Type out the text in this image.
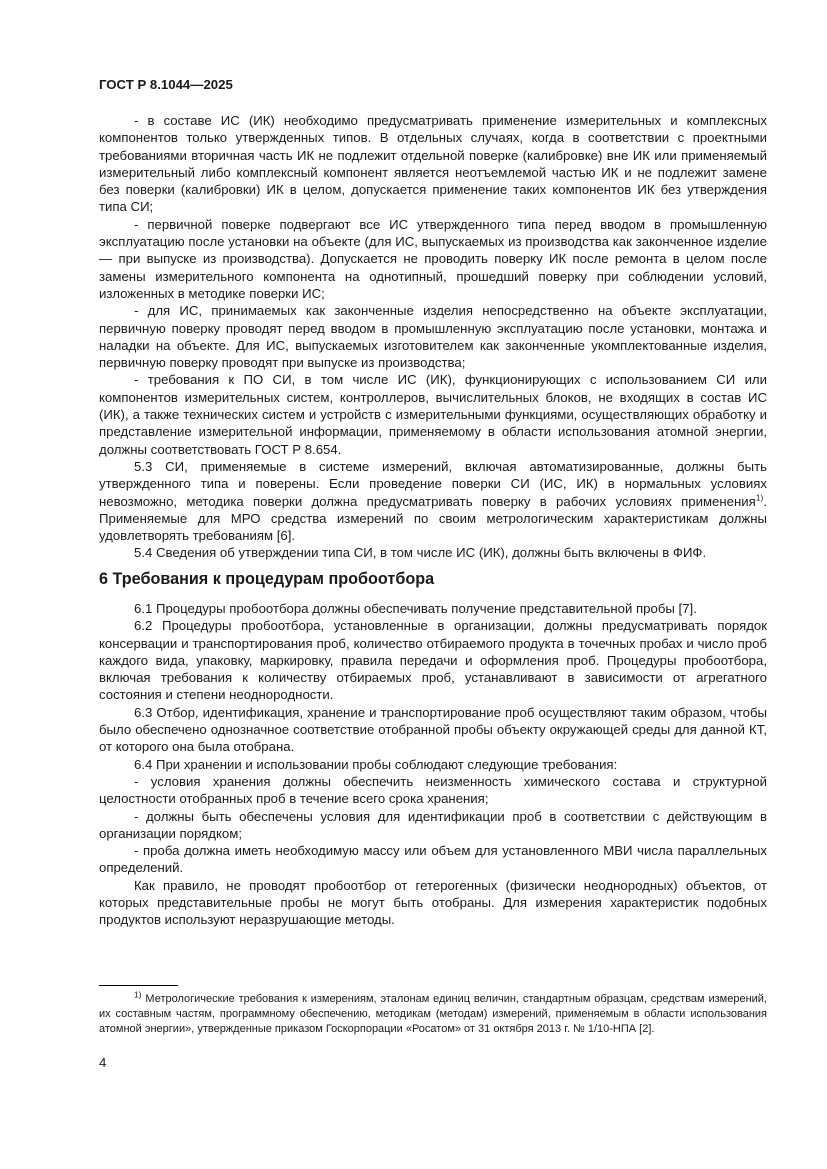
ГОСТ Р 8.1044—2025

- в составе ИС (ИК) необходимо предусматривать применение измерительных и комплексных компонентов только утвержденных типов. В отдельных случаях, когда в соответствии с проектными требованиями вторичная часть ИК не подлежит отдельной поверке (калибровке) вне ИК или применяемый измерительный либо комплексный компонент является неотъемлемой частью ИК и не подлежит замене без поверки (калибровки) ИК в целом, допускается применение таких компонентов ИК без утверждения типа СИ;

- первичной поверке подвергают все ИС утвержденного типа перед вводом в промышленную эксплуатацию после установки на объекте (для ИС, выпускаемых из производства как законченное изделие — при выпуске из производства). Допускается не проводить поверку ИК после ремонта в целом после замены измерительного компонента на однотипный, прошедший поверку при соблюдении условий, изложенных в методике поверки ИС;

- для ИС, принимаемых как законченные изделия непосредственно на объекте эксплуатации, первичную поверку проводят перед вводом в промышленную эксплуатацию после установки, монтажа и наладки на объекте. Для ИС, выпускаемых изготовителем как законченные укомплектованные изделия, первичную поверку проводят при выпуске из производства;

- требования к ПО СИ, в том числе ИС (ИК), функционирующих с использованием СИ или компонентов измерительных систем, контроллеров, вычислительных блоков, не входящих в состав ИС (ИК), а также технических систем и устройств с измерительными функциями, осуществляющих обработку и представление измерительной информации, применяемому в области использования атомной энергии, должны соответствовать ГОСТ Р 8.654.

5.3 СИ, применяемые в системе измерений, включая автоматизированные, должны быть утвержденного типа и поверены. Если проведение поверки СИ (ИС, ИК) в нормальных условиях невозможно, методика поверки должна предусматривать поверку в рабочих условиях применения$^{1)}$. Применяемые для МРО средства измерений по своим метрологическим характеристикам должны удовлетворять требованиям [6].

5.4 Сведения об утверждении типа СИ, в том числе ИС (ИК), должны быть включены в ФИФ.

6 Требования к процедурам пробоотбора

6.1 Процедуры пробоотбора должны обеспечивать получение представительной пробы [7].

6.2 Процедуры пробоотбора, установленные в организации, должны предусматривать порядок консервации и транспортирования проб, количество отбираемого продукта в точечных пробах и число проб каждого вида, упаковку, маркировку, правила передачи и оформления проб. Процедуры пробоотбора, включая требования к количеству отбираемых проб, устанавливают в зависимости от агрегатного состояния и степени неоднородности.

6.3 Отбор, идентификация, хранение и транспортирование проб осуществляют таким образом, чтобы было обеспечено однозначное соответствие отобранной пробы объекту окружающей среды для данной КТ, от которого она была отобрана.

6.4 При хранении и использовании пробы соблюдают следующие требования:

- условия хранения должны обеспечить неизменность химического состава и структурной целостности отобранных проб в течение всего срока хранения;

- должны быть обеспечены условия для идентификации проб в соответствии с действующим в организации порядком;

- проба должна иметь необходимую массу или объем для установленного МВИ числа параллельных определений.

Как правило, не проводят пробоотбор от гетерогенных (физически неоднородных) объектов, от которых представительные пробы не могут быть отобраны. Для измерения характеристик подобных продуктов используют неразрушающие методы.

$^{1)}$ Метрологические требования к измерениям, эталонам единиц величин, стандартным образцам, средствам измерений, их составным частям, программному обеспечению, методикам (методам) измерений, применяемым в области использования атомной энергии», утвержденные приказом Госкорпорации «Росатом» от 31 октября 2013 г. № 1/10-НПА [2].
4
